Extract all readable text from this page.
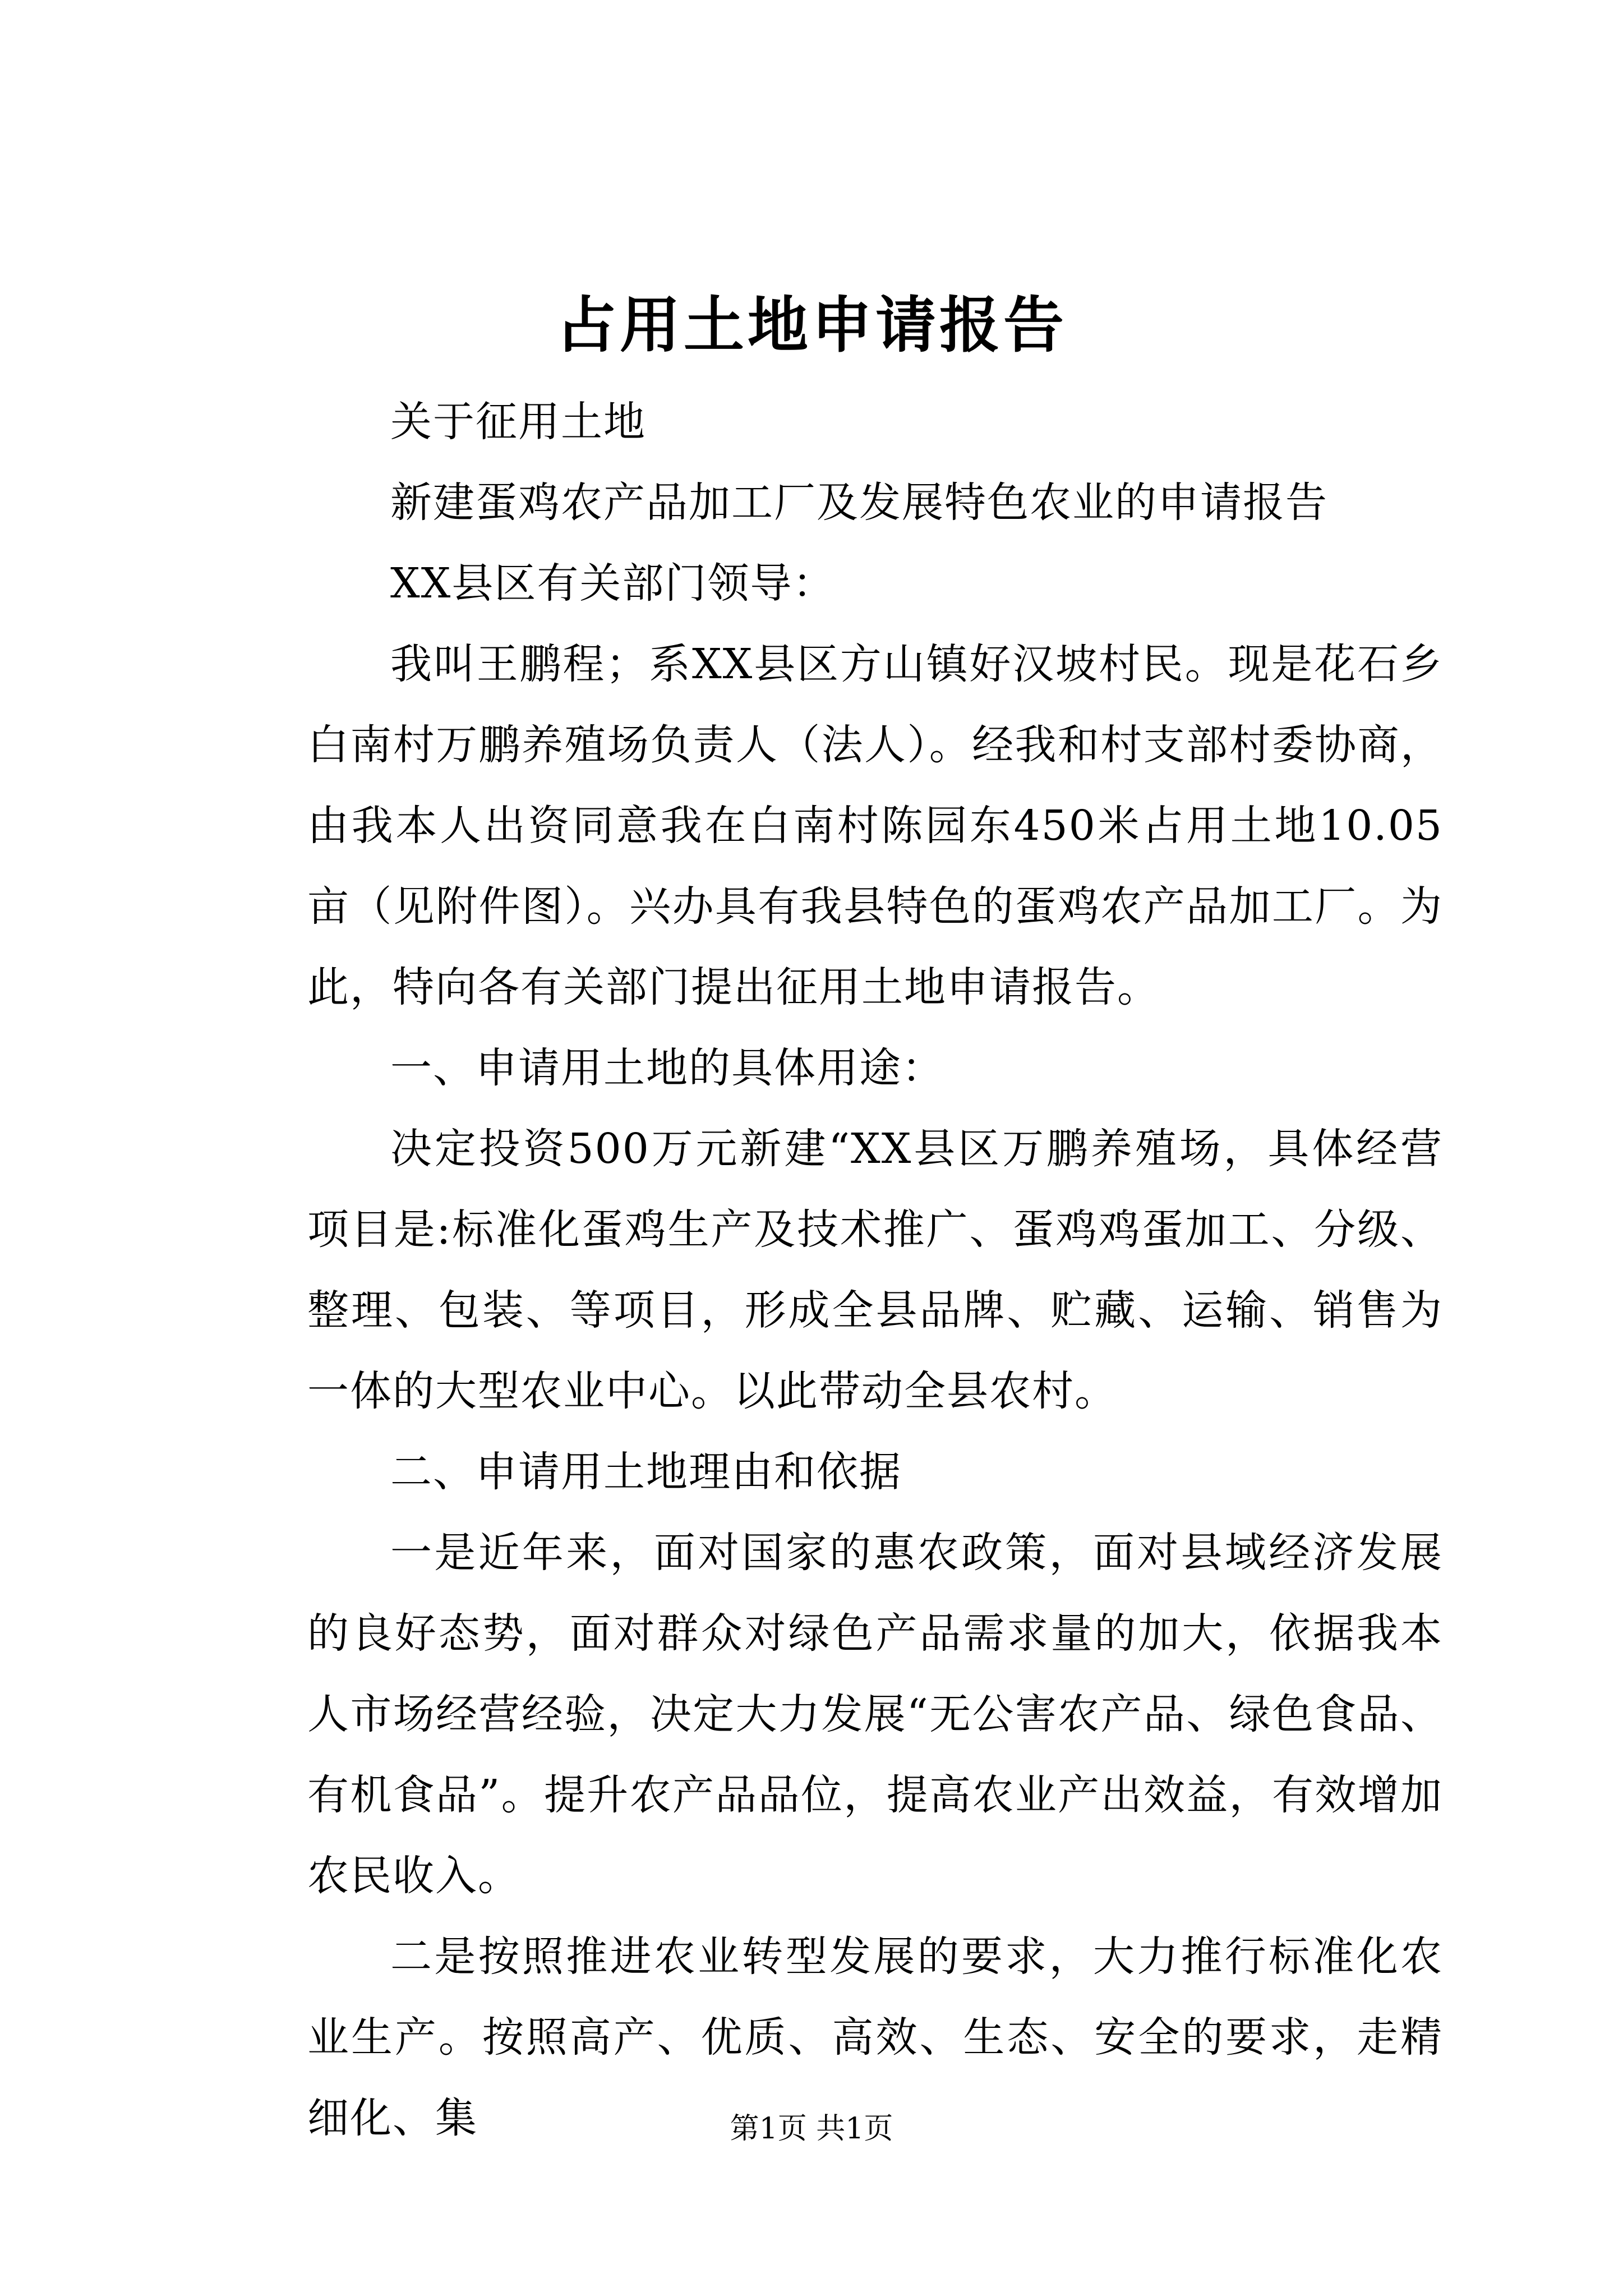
占用土地申请报告

关于征用土地

新建蛋鸡农产品加工厂及发展特色农业的申请报告

XX县区有关部门领导：

我叫王鹏程；系XX县区方山镇好汉坡村民。现是花石乡白南村万鹏养殖场负责人（法人）。经我和村支部村委协商，由我本人出资同意我在白南村陈园东450米占用土地10.05亩（见附件图）。兴办具有我县特色的蛋鸡农产品加工厂。为此，特向各有关部门提出征用土地申请报告。

一、申请用土地的具体用途：

决定投资500万元新建“XX县区万鹏养殖场，具体经营项目是:标准化蛋鸡生产及技术推广、蛋鸡鸡蛋加工、分级、整理、包装、等项目，形成全县品牌、贮藏、运输、销售为一体的大型农业中心。以此带动全县农村。

二、申请用土地理由和依据

一是近年来，面对国家的惠农政策，面对县域经济发展的良好态势，面对群众对绿色产品需求量的加大，依据我本人市场经营经验，决定大力发展“无公害农产品、绿色食品、有机食品”。提升农产品品位，提高农业产出效益，有效增加农民收入。

二是按照推进农业转型发展的要求，大力推行标准化农业生产。按照高产、优质、高效、生态、安全的要求，走精细化、集	第1页 共1页
